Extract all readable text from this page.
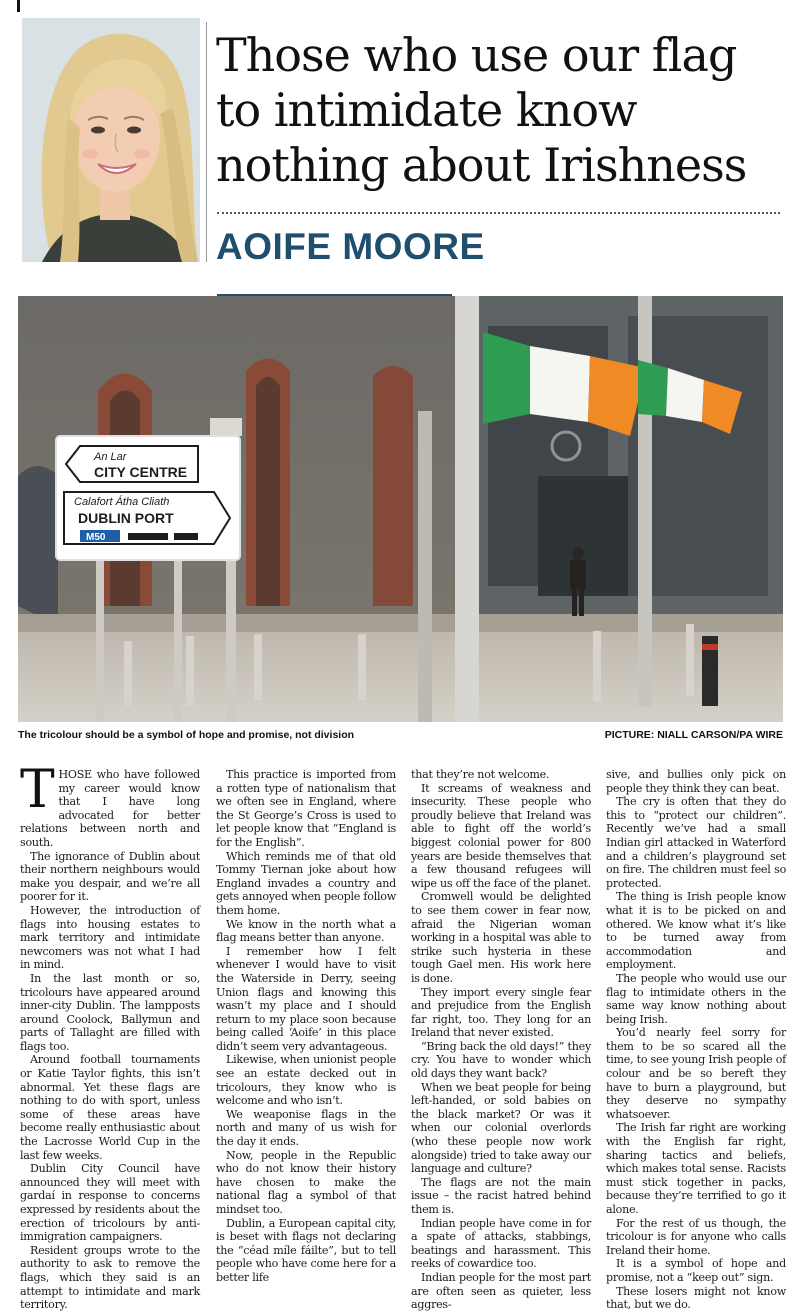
Those who use our flag
to intimidate know
nothing about Irishness
AOIFE MOORE
An Lar
CITY CENTRE
Calafort Átha Cliath
DUBLIN PORT
M50
The tricolour should be a symbol of hope and promise, not division	PICTURE: NIALL CARSON/PA WIRE

THOSE who have followed my career would know that I have long advocated for better relations between north and south.

The ignorance of Dublin about their northern neighbours would make you despair, and we’re all poorer for it.

However, the introduction of flags into housing estates to mark territory and intimidate newcomers was not what I had in mind.

In the last month or so, tricolours have appeared around inner-city Dublin. The lampposts around Coolock, Ballymun and parts of Tallaght are filled with flags too.

Around football tournaments or Katie Taylor fights, this isn’t abnormal. Yet these flags are nothing to do with sport, unless some of these areas have become really enthusiastic about the Lacrosse World Cup in the last few weeks.

Dublin City Council have announced they will meet with gardaí in response to concerns expressed by residents about the erection of tricolours by anti-immigration campaigners.

Resident groups wrote to the authority to ask to remove the flags, which they said is an attempt to intimidate and mark territory.

This practice is imported from a rotten type of nationalism that we often see in England, where the St George’s Cross is used to let people know that “England is for the English”.

Which reminds me of that old Tommy Tiernan joke about how England invades a country and gets annoyed when people follow them home.

We know in the north what a flag means better than anyone.

I remember how I felt whenever I would have to visit the Waterside in Derry, seeing Union flags and knowing this wasn’t my place and I should return to my place soon because being called ‘Aoife’ in this place didn’t seem very advantageous.

Likewise, when unionist people see an estate decked out in tricolours, they know who is welcome and who isn’t.

We weaponise flags in the north and many of us wish for the day it ends.

Now, people in the Republic who do not know their history have chosen to make the national flag a symbol of that mindset too.

Dublin, a European capital city, is beset with flags not declaring the “céad míle fáilte”, but to tell people who have come here for a better life

that they’re not welcome.

It screams of weakness and insecurity. These people who proudly believe that Ireland was able to fight off the world’s biggest colonial power for 800 years are beside themselves that a few thousand refugees will wipe us off the face of the planet.

Cromwell would be delighted to see them cower in fear now, afraid the Nigerian woman working in a hospital was able to strike such hysteria in these tough Gael men. His work here is done.

They import every single fear and prejudice from the English far right, too. They long for an Ireland that never existed.

“Bring back the old days!” they cry. You have to wonder which old days they want back?

When we beat people for being left-handed, or sold babies on the black market? Or was it when our colonial overlords (who these people now work alongside) tried to take away our language and culture?

The flags are not the main issue – the racist hatred behind them is.

Indian people have come in for a spate of attacks, stabbings, beatings and harassment. This reeks of cowardice too.

Indian people for the most part are often seen as quieter, less aggres-

sive, and bullies only pick on people they think they can beat.

The cry is often that they do this to “protect our children”. Recently we’ve had a small Indian girl attacked in Waterford and a children’s playground set on fire. The children must feel so protected.

The thing is Irish people know what it is to be picked on and othered. We know what it’s like to be turned away from accommodation and employment.

The people who would use our flag to intimidate others in the same way know nothing about being Irish.

You’d nearly feel sorry for them to be so scared all the time, to see young Irish people of colour and be so bereft they have to burn a playground, but they deserve no sympathy whatsoever.

The Irish far right are working with the English far right, sharing tactics and beliefs, which makes total sense. Racists must stick together in packs, because they’re terrified to go it alone.

For the rest of us though, the tricolour is for anyone who calls Ireland their home.

It is a symbol of hope and promise, not a “keep out” sign.

These losers might not know that, but we do.
